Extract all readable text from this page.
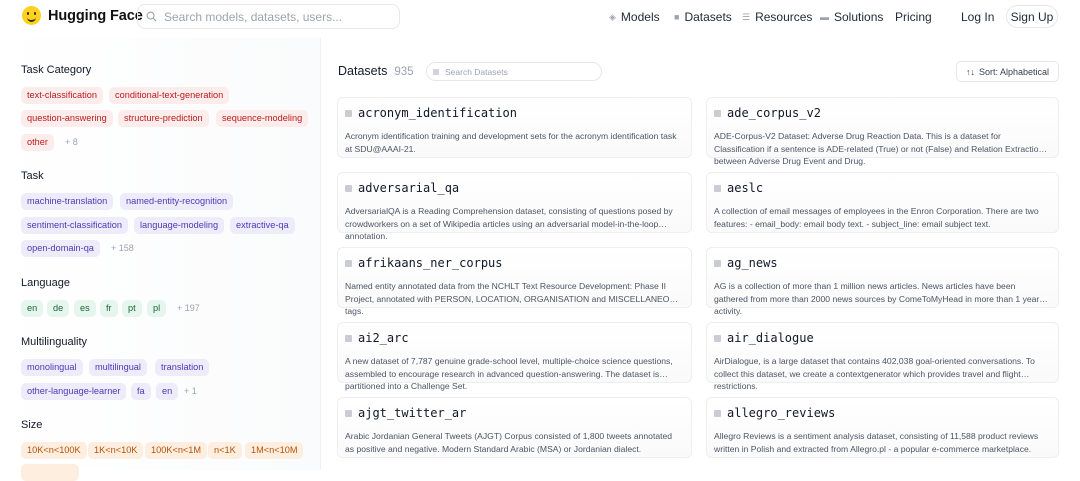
Hugging Face
Search models, datasets, users...	◈ Models ■ Datasets ☰ Resources ▬ Solutions Pricing Log In	Sign Up
Task Category
text-classification	conditional-text-generation
question-answering	structure-prediction	sequence-modeling
other	+ 8
Task
machine-translation	named-entity-recognition
sentiment-classification	language-modeling	extractive-qa
open-domain-qa	+ 158
Language
en	de	es	fr	pt	pl	+ 197
Multilinguality
monolingual	multilingual	translation
other-language-learner	fa	en	+ 1
Size
10K<n<100K	1K<n<10K	100K<n<1M	n<1K	1M<n<10M
Datasets 935
Search Datasets	↑↓ Sort: Alphabetical
acronym_identification
Acronym identification training and development sets for the acronym identification task at SDU@AAAI-21.
ade_corpus_v2
ADE-Corpus-V2 Dataset: Adverse Drug Reaction Data. This is a dataset for Classification if a sentence is ADE-related (True) or not (False) and Relation Extraction between Adverse Drug Event and Drug.
adversarial_qa
AdversarialQA is a Reading Comprehension dataset, consisting of questions posed by crowdworkers on a set of Wikipedia articles using an adversarial model-in-the-loop annotation.
aeslc
A collection of email messages of employees in the Enron Corporation. There are two features: - email_body: email body text. - subject_line: email subject text.
afrikaans_ner_corpus
Named entity annotated data from the NCHLT Text Resource Development: Phase II Project, annotated with PERSON, LOCATION, ORGANISATION and MISCELLANEOUS tags.
ag_news
AG is a collection of more than 1 million news articles. News articles have been gathered from more than 2000 news sources by ComeToMyHead in more than 1 year of activity.
ai2_arc
A new dataset of 7,787 genuine grade-school level, multiple-choice science questions, assembled to encourage research in advanced question-answering. The dataset is partitioned into a Challenge Set.
air_dialogue
AirDialogue, is a large dataset that contains 402,038 goal-oriented conversations. To collect this dataset, we create a contextgenerator which provides travel and flight restrictions.
ajgt_twitter_ar
Arabic Jordanian General Tweets (AJGT) Corpus consisted of 1,800 tweets annotated as positive and negative. Modern Standard Arabic (MSA) or Jordanian dialect.
allegro_reviews
Allegro Reviews is a sentiment analysis dataset, consisting of 11,588 product reviews written in Polish and extracted from Allegro.pl - a popular e-commerce marketplace.
